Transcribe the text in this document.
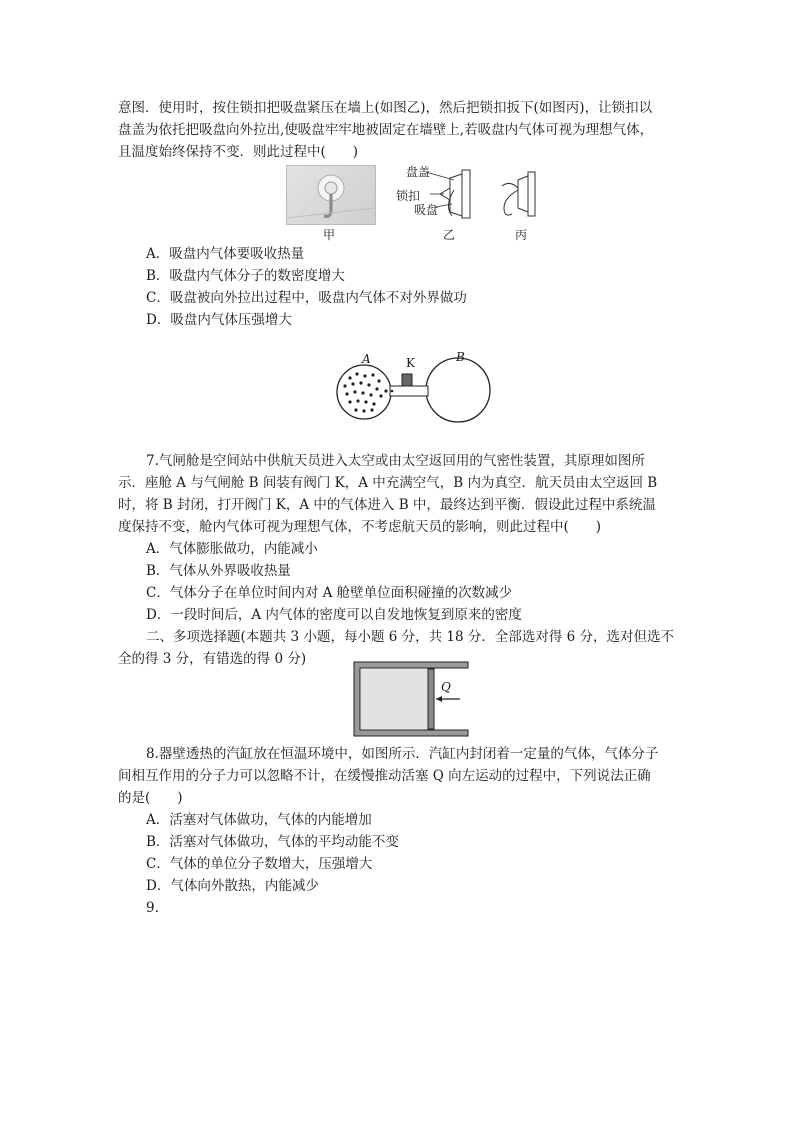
意图．使用时，按住锁扣把吸盘紧压在墙上(如图乙)，然后把锁扣扳下(如图丙)，让锁扣以
盘盖为依托把吸盘向外拉出,使吸盘牢牢地被固定在墙壁上,若吸盘内气体可视为理想气体，
且温度始终保持不变．则此过程中(　　)
甲
盘盖
锁扣
吸盘
乙	丙
A．吸盘内气体要吸收热量
B．吸盘内气体分子的数密度增大
C．吸盘被向外拉出过程中，吸盘内气体不对外界做功
D．吸盘内气体压强增大
A	K	B
7.气闸舱是空间站中供航天员进入太空或由太空返回用的气密性装置，其原理如图所
示．座舱 A 与气闸舱 B 间装有阀门 K，A 中充满空气，B 内为真空．航天员由太空返回 B
时，将 B 封闭，打开阀门 K，A 中的气体进入 B 中，最终达到平衡．假设此过程中系统温
度保持不变，舱内气体可视为理想气体，不考虑航天员的影响，则此过程中(　　)
A．气体膨胀做功，内能减小
B．气体从外界吸收热量
C．气体分子在单位时间内对 A 舱壁单位面积碰撞的次数减少
D．一段时间后，A 内气体的密度可以自发地恢复到原来的密度
二、多项选择题(本题共 3 小题，每小题 6 分，共 18 分．全部选对得 6 分，选对但选不
全的得 3 分，有错选的得 0 分)
Q
8.器壁透热的汽缸放在恒温环境中，如图所示．汽缸内封闭着一定量的气体，气体分子
间相互作用的分子力可以忽略不计，在缓慢推动活塞 Q 向左运动的过程中，下列说法正确
的是(　　)
A．活塞对气体做功，气体的内能增加
B．活塞对气体做功，气体的平均动能不变
C．气体的单位分子数增大，压强增大
D．气体向外散热，内能减少
9.
